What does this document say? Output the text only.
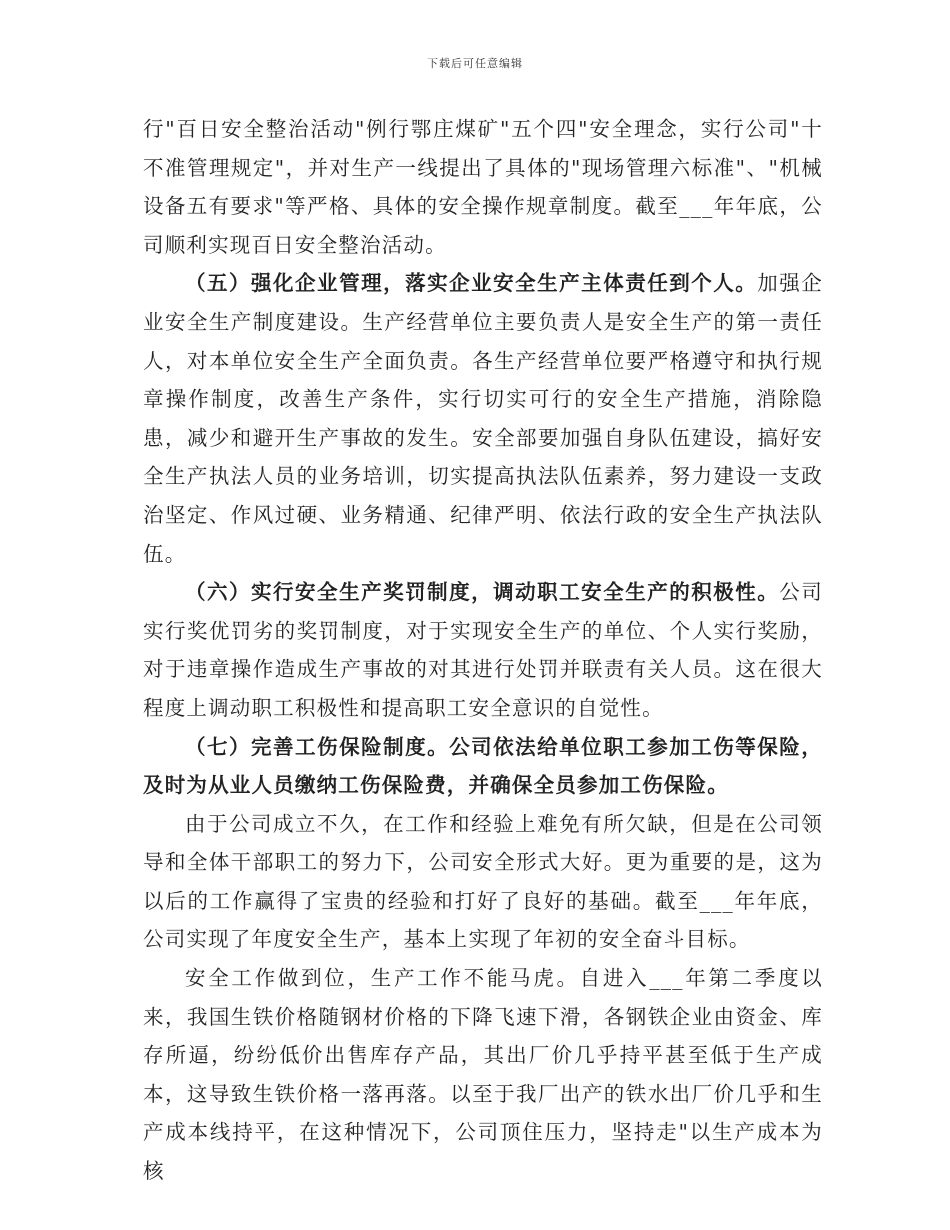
下载后可任意编辑

行"百日安全整治活动"例行鄂庄煤矿"五个四"安全理念，实行公司"十不准管理规定"，并对生产一线提出了具体的"现场管理六标准"、"机械设备五有要求"等严格、具体的安全操作规章制度。截至___年年底，公司顺利实现百日安全整治活动。

（五）强化企业管理，落实企业安全生产主体责任到个人。加强企业安全生产制度建设。生产经营单位主要负责人是安全生产的第一责任人，对本单位安全生产全面负责。各生产经营单位要严格遵守和执行规章操作制度，改善生产条件，实行切实可行的安全生产措施，消除隐患，减少和避开生产事故的发生。安全部要加强自身队伍建设，搞好安全生产执法人员的业务培训，切实提高执法队伍素养，努力建设一支政治坚定、作风过硬、业务精通、纪律严明、依法行政的安全生产执法队伍。

（六）实行安全生产奖罚制度，调动职工安全生产的积极性。公司实行奖优罚劣的奖罚制度，对于实现安全生产的单位、个人实行奖励，对于违章操作造成生产事故的对其进行处罚并联责有关人员。这在很大程度上调动职工积极性和提高职工安全意识的自觉性。

（七）完善工伤保险制度。公司依法给单位职工参加工伤等保险，及时为从业人员缴纳工伤保险费，并确保全员参加工伤保险。

由于公司成立不久，在工作和经验上难免有所欠缺，但是在公司领导和全体干部职工的努力下，公司安全形式大好。更为重要的是，这为以后的工作赢得了宝贵的经验和打好了良好的基础。截至___年年底，公司实现了年度安全生产，基本上实现了年初的安全奋斗目标。

安全工作做到位，生产工作不能马虎。自进入___年第二季度以来，我国生铁价格随钢材价格的下降飞速下滑，各钢铁企业由资金、库存所逼，纷纷低价出售库存产品，其出厂价几乎持平甚至低于生产成本，这导致生铁价格一落再落。以至于我厂出产的铁水出厂价几乎和生产成本线持平，在这种情况下，公司顶住压力，坚持走"以生产成本为核
